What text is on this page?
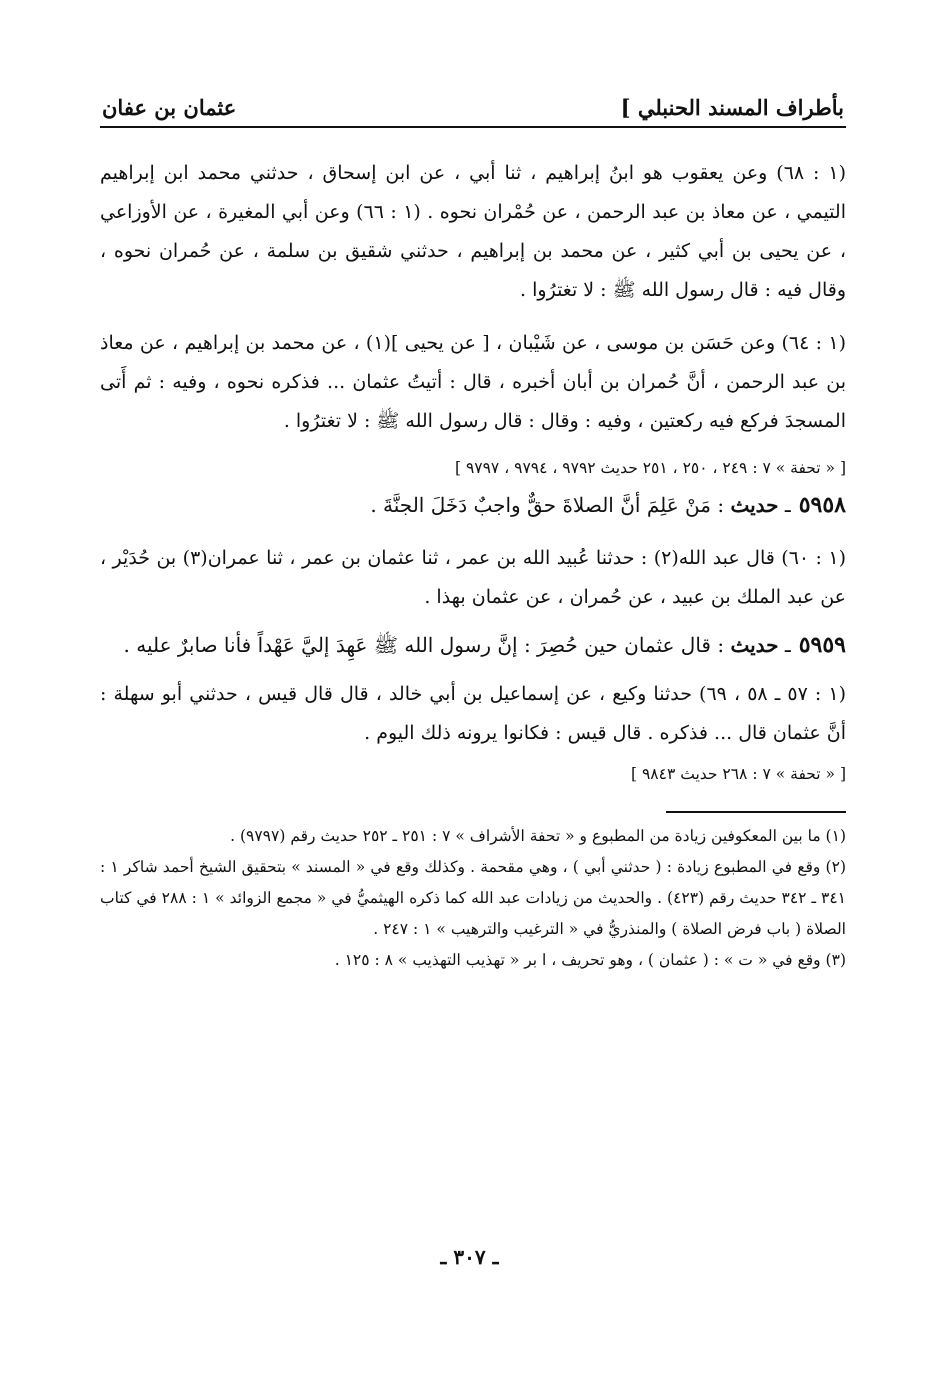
بأطراف المسند الحنبلي ]
عثمان بن عفان

(١ : ٦٨) وعن يعقوب هو ابنُ إبراهيم ، ثنا أبي ، عن ابن إسحاق ، حدثني محمد ابن إبراهيم التيمي ، عن معاذ بن عبد الرحمن ، عن حُمْران نحوه . (١ : ٦٦) وعن أبي المغيرة ، عن الأوزاعي ، عن يحيى بن أبي كثير ، عن محمد بن إبراهيم ، حدثني شقيق بن سلمة ، عن حُمران نحوه ، وقال فيه : قال رسول الله ﷺ : لا تغترُوا .

(١ : ٦٤) وعن حَسَن بن موسى ، عن شَيْبان ، [ عن يحيى ](١) ، عن محمد بن إبراهيم ، عن معاذ بن عبد الرحمن ، أنَّ حُمران بن أبان أخبره ، قال : أتيتُ عثمان ... فذكره نحوه ، وفيه : ثم أَتى المسجدَ فركع فيه ركعتين ، وفيه : وقال : قال رسول الله ﷺ : لا تغترُوا .

[ « تحفة » ٧ : ٢٤٩ ، ٢٥٠ ، ٢٥١ حديث ٩٧٩٢ ، ٩٧٩٤ ، ٩٧٩٧ ]

٥٩٥٨ـ حديث : مَنْ عَلِمَ أنَّ الصلاةَ حقٌّ واجبٌ دَخَلَ الجنَّةَ .

(١ : ٦٠) قال عبد الله(٢) : حدثنا عُبيد الله بن عمر ، ثنا عثمان بن عمر ، ثنا عمران(٣) بن حُدَيْر ، عن عبد الملك بن عبيد ، عن حُمران ، عن عثمان بهذا .

٥٩٥٩ـ حديث : قال عثمان حين حُصِرَ : إنَّ رسول الله ﷺ عَهِدَ إليَّ عَهْداً فأنا صابرٌ عليه .

(١ : ٥٧ ـ ٥٨ ، ٦٩) حدثنا وكيع ، عن إسماعيل بن أبي خالد ، قال قال قيس ، حدثني أبو سهلة : أنَّ عثمان قال ... فذكره . قال قيس : فكانوا يرونه ذلك اليوم .

[ « تحفة » ٧ : ٢٦٨ حديث ٩٨٤٣ ]

(١) ما بين المعكوفين زيادة من المطبوع و « تحفة الأشراف » ٧ : ٢٥١ ـ ٢٥٢ حديث رقم (٩٧٩٧) .

(٢) وقع في المطبوع زيادة : ( حدثني أبي ) ، وهي مقحمة . وكذلك وقع في « المسند » بتحقيق الشيخ أحمد شاكر ١ : ٣٤١ ـ ٣٤٢ حديث رقم (٤٢٣) . والحديث من زيادات عبد الله كما ذكره الهيثميُّ في « مجمع الزوائد » ١ : ٢٨٨ في كتاب الصلاة ( باب فرض الصلاة ) والمنذريُّ في « الترغيب والترهيب » ١ : ٢٤٧ .

(٣) وقع في « ت » : ( عثمان ) ، وهو تحريف ، ا بر « تهذيب التهذيب » ٨ : ١٢٥ .

ـ ٣٠٧ ـ
